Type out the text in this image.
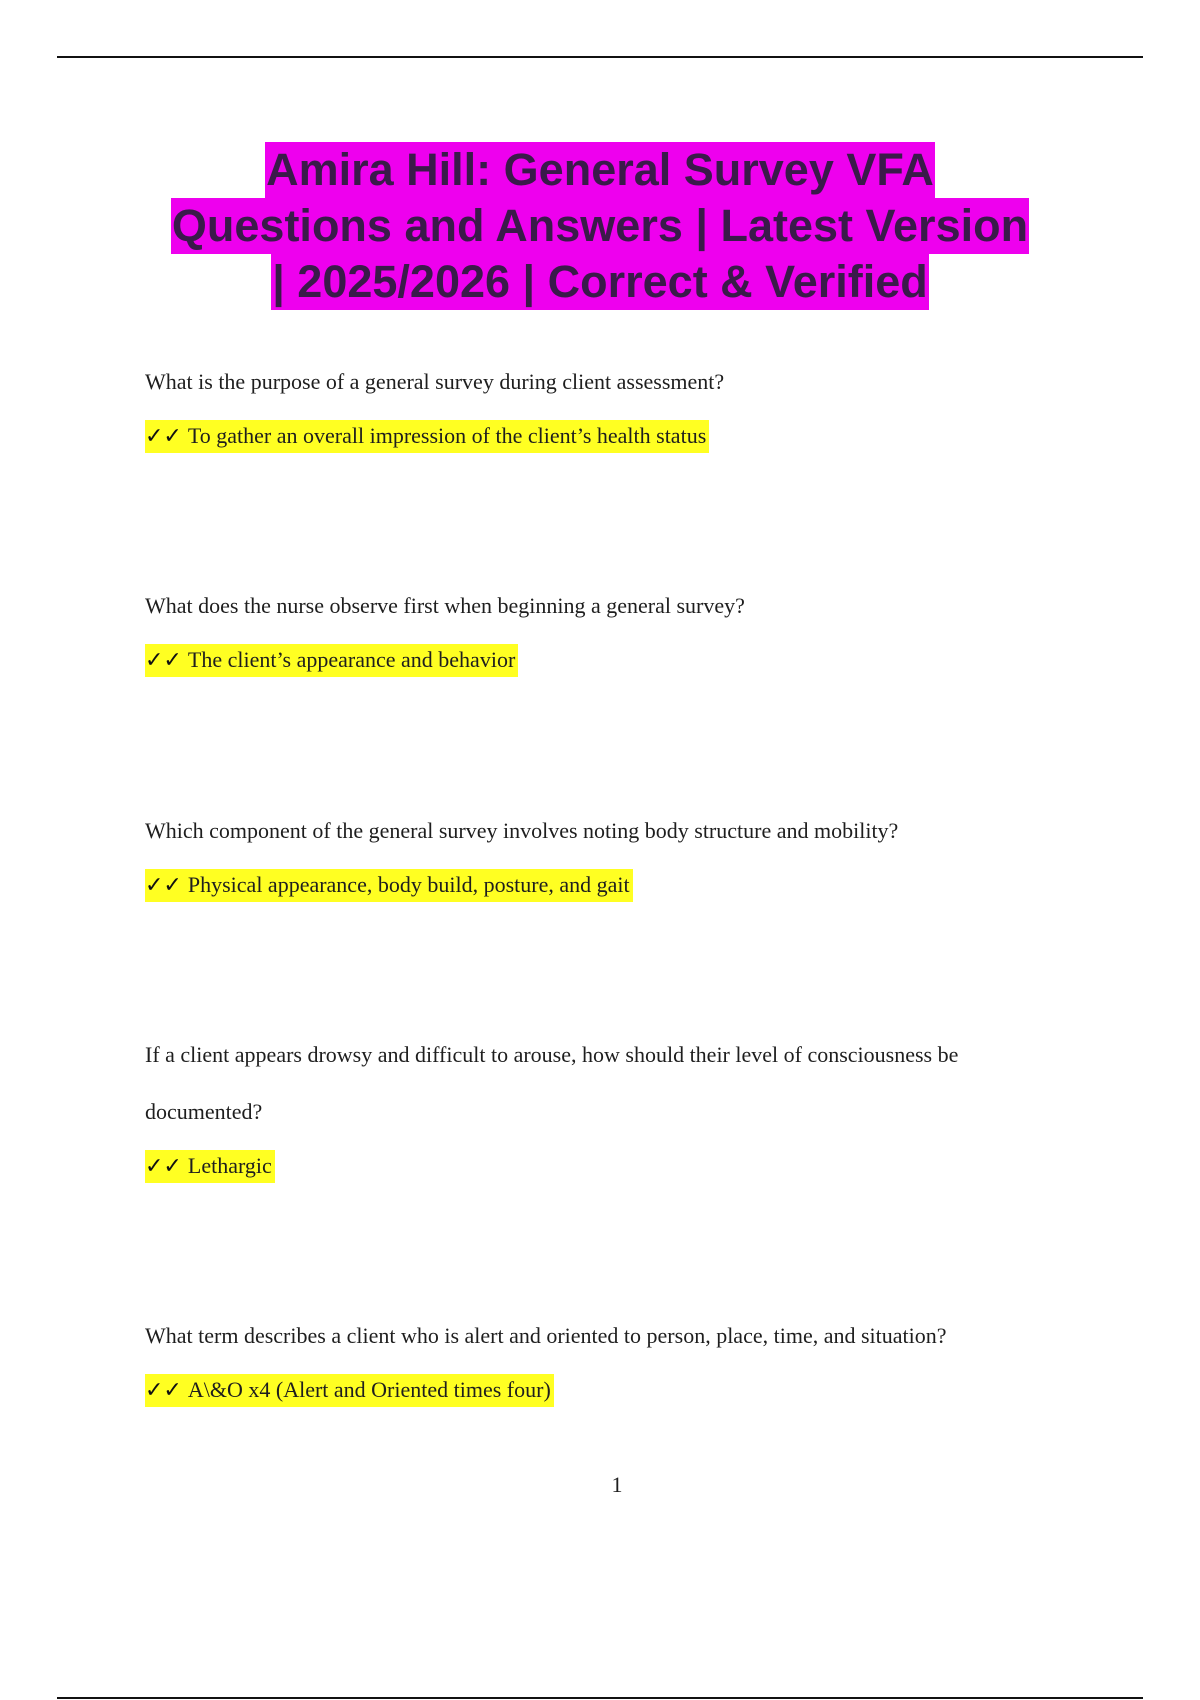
Amira Hill: General Survey VFA
Questions and Answers | Latest Version
| 2025/2026 | Correct & Verified

What is the purpose of a general survey during client assessment?

✓✓ To gather an overall impression of the client’s health status

What does the nurse observe first when beginning a general survey?

✓✓ The client’s appearance and behavior

Which component of the general survey involves noting body structure and mobility?

✓✓ Physical appearance, body build, posture, and gait

If a client appears drowsy and difficult to arouse, how should their level of consciousness be

documented?

✓✓ Lethargic

What term describes a client who is alert and oriented to person, place, time, and situation?

✓✓ A\&O x4 (Alert and Oriented times four)
1
